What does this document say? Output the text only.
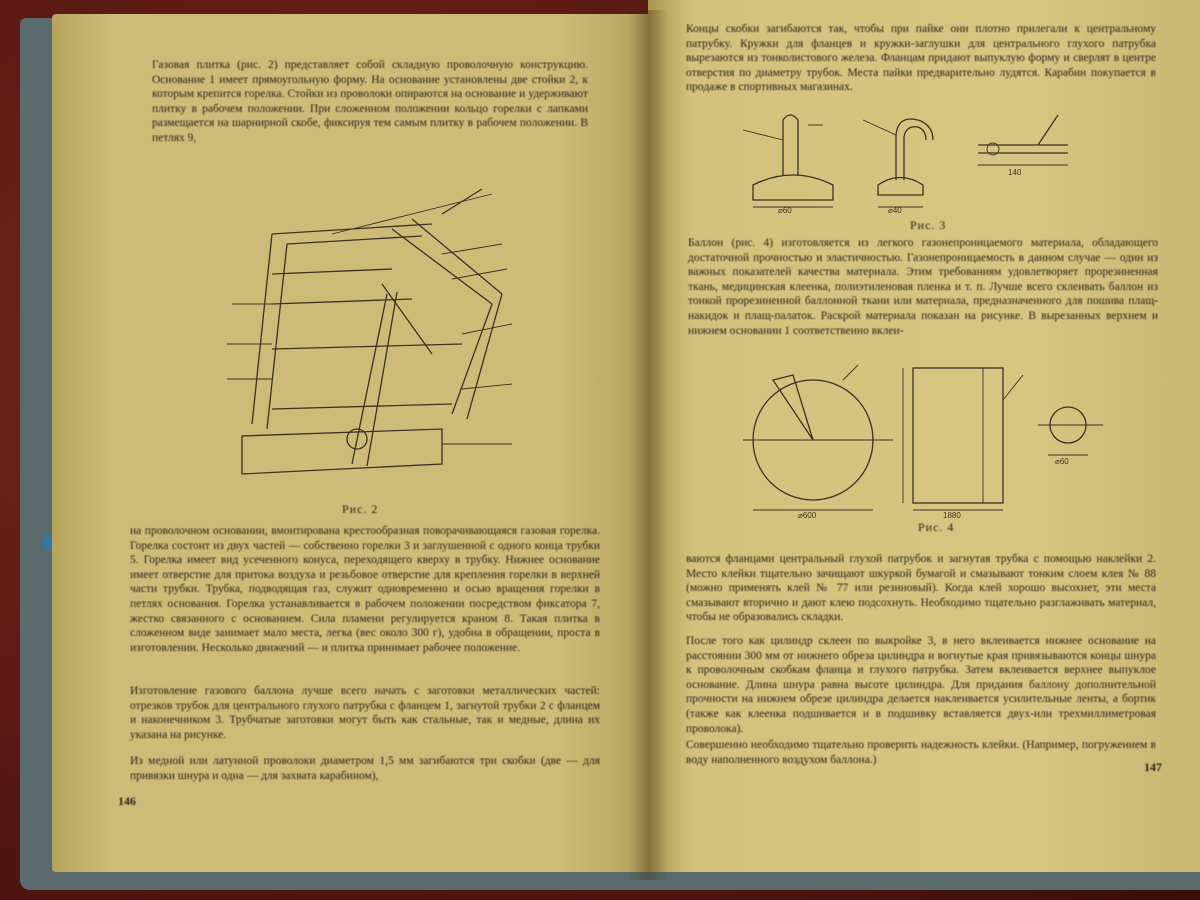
Газовая плитка (рис. 2) представляет собой складную проволочную конструкцию. Основание 1 имеет прямоугольную форму. На основание установлены две стойки 2, к которым крепится горелка. Стойки из проволоки опираются на основание и удерживают плитку в рабочем положении. При сложенном положении кольцо горелки с лапками размещается на шарнирной скобе, фиксируя тем самым плитку в рабочем положении. В петлях 9,

Рис. 2

на проволочном основании, вмонтирована крестообразная поворачивающаяся газовая горелка. Горелка состоит из двух частей — собственно горелки 3 и заглушенной с одного конца трубки 5. Горелка имеет вид усеченного конуса, переходящего кверху в трубку. Нижнее основание имеет отверстие для притока воздуха и резьбовое отверстие для крепления горелки в верхней части трубки. Трубка, подводящая газ, служит одновременно и осью вращения горелки в петлях основания. Горелка устанавливается в рабочем положении посредством фиксатора 7, жестко связанного с основанием. Сила пламени регулируется краном 8. Такая плитка в сложенном виде занимает мало места, легка (вес около 300 г), удобна в обращении, проста в изготовлении. Несколько движений — и плитка принимает рабочее положение.

Изготовление газового баллона лучше всего начать с заготовки металлических частей: отрезков трубок для центрального глухого патрубка с фланцем 1, загнутой трубки 2 с фланцем и наконечником 3. Трубчатые заготовки могут быть как стальные, так и медные, длина их указана на рисунке.

Из медной или латунной проволоки диаметром 1,5 мм загибаются три скобки (две — для привязки шнура и одна — для захвата карабином),

146

Концы скобки загибаются так, чтобы при пайке они плотно прилегали к центральному патрубку. Кружки для фланцев и кружки-заглушки для центрального глухого патрубка вырезаются из тонколистового железа. Фланцам придают выпуклую форму и сверлят в центре отверстия по диаметру трубок. Места пайки предварительно лудятся. Карабин покупается в продаже в спортивных магазинах.

⌀60	⌀40
140
Рис. 3

Баллон (рис. 4) изготовляется из легкого газонепроницаемого материала, обладающего достаточной прочностью и эластичностью. Газонепроницаемость в данном случае — один из важных показателей качества материала. Этим требованиям удовлетворяет прорезиненная ткань, медицинская клеенка, полиэтиленовая пленка и т. п. Лучше всего склеивать баллон из тонкой прорезиненной баллонной ткани или материала, предназначенного для пошива плащ-накидок и плащ-палаток. Раскрой материала показан на рисунке. В вырезанных верхнем и нижнем основании 1 соответственно вклеи-

⌀600	1880
⌀60
Рис. 4

ваются фланцами центральный глухой патрубок и загнутая трубка с помощью наклейки 2. Место клейки тщательно зачищают шкуркой бумагой и смазывают тонким слоем клея № 88 (можно применять клей № 77 или резиновый). Когда клей хорошо высохнет, эти места смазывают вторично и дают клею подсохнуть. Необходимо тщательно разглаживать материал, чтобы не образовались складки.

После того как цилиндр склеен по выкройке 3, в него вклеивается нижнее основание на расстоянии 300 мм от нижнего обреза цилиндра и вогнутые края привязываются концы шнура к проволочным скобкам фланца и глухого патрубка. Затем вклеивается верхнее выпуклое основание. Длина шнура равна высоте цилиндра. Для придания баллону дополнительной прочности на нижнем обрезе цилиндра делается наклеивается усилительные ленты, а бортик (также как клеенка подшивается и в подшивку вставляется двух-или трехмиллиметровая проволока).

Совершенно необходимо тщательно проверить надежность клейки. (Например, погружением в воду наполненного воздухом баллона.)

147
